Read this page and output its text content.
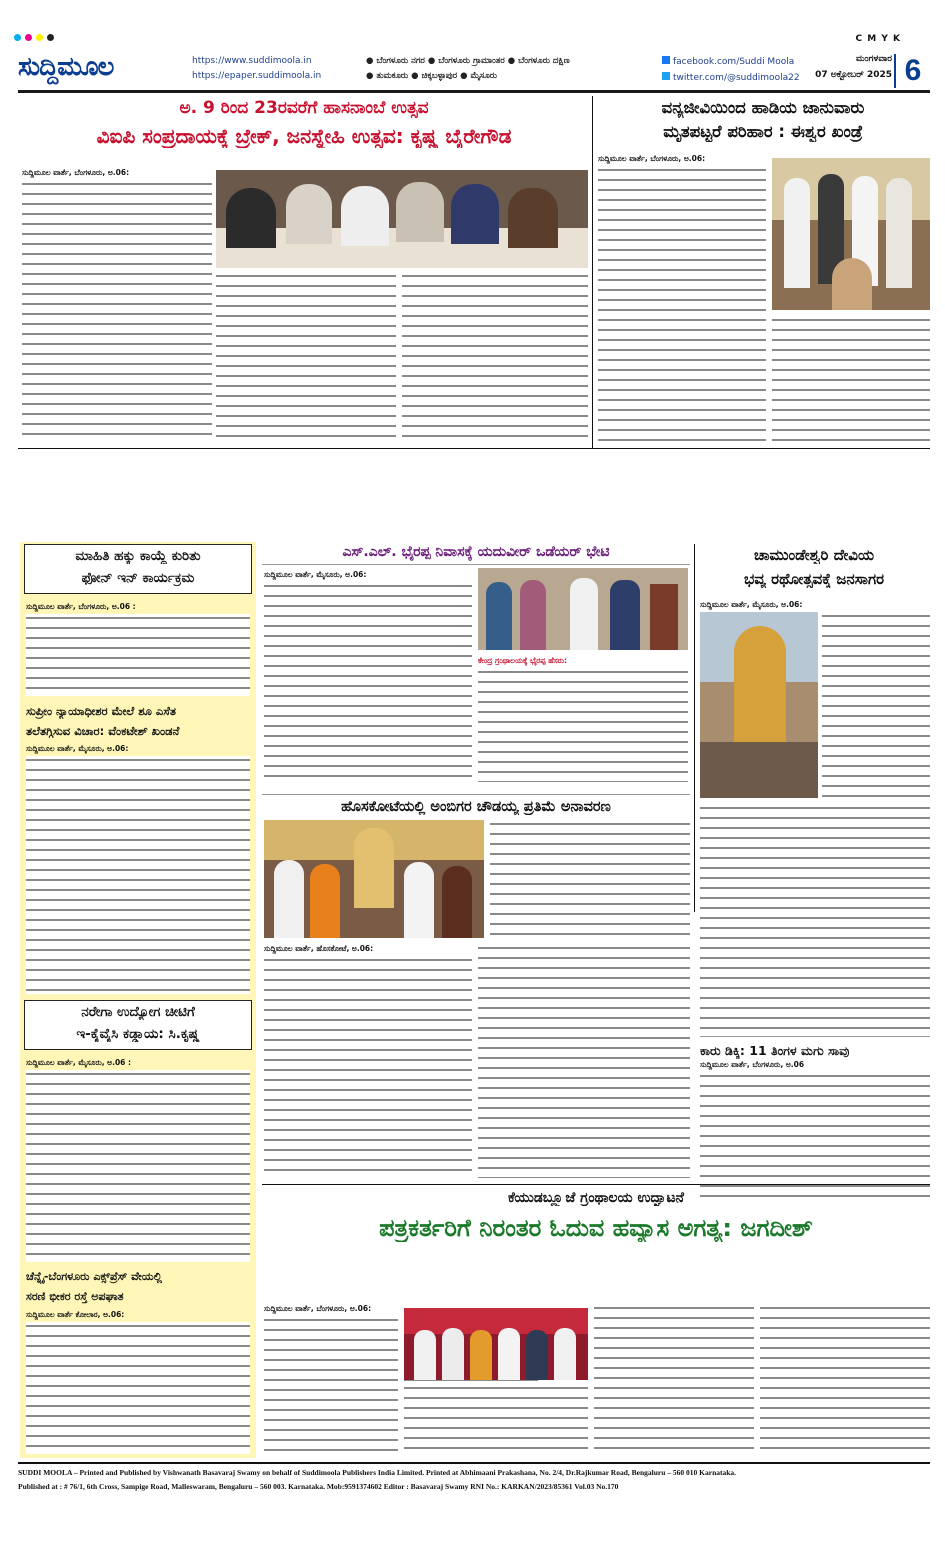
C M Y K
ಸುದ್ದಿಮೂಲ	https://www.suddimoola.in
https://epaper.suddimoola.in
● ಬೆಂಗಳೂರು ನಗರ ● ಬೆಂಗಳೂರು ಗ್ರಾಮಾಂತರ ● ಬೆಂಗಳೂರು ದಕ್ಷಿಣ
● ತುಮಕೂರು ● ಚಿಕ್ಕಬಳ್ಳಾಪುರ ● ಮೈಸೂರು
facebook.com/Suddi Moola
twitter.com/@suddimoola22
ಮಂಗಳವಾರ
07 ಅಕ್ಟೋಬರ್ 2025 6
ಅ. 9 ರಿಂದ 23ರವರೆಗೆ ಹಾಸನಾಂಬೆ ಉತ್ಸವ
ವಿಐಪಿ ಸಂಪ್ರದಾಯಕ್ಕೆ ಬ್ರೇಕ್, ಜನಸ್ನೇಹಿ ಉತ್ಸವ: ಕೃಷ್ಣ ಬೈರೇಗೌಡ
ಸುದ್ದಿಮೂಲ ವಾರ್ತೆ, ಬೆಂಗಳೂರು, ಅ.06:
ವನ್ಯಜೀವಿಯಿಂದ ಹಾಡಿಯ ಜಾನುವಾರು
ಮೃತಪಟ್ಟರೆ ಪರಿಹಾರ : ಈಶ್ವರ ಖಂಡ್ರೆ
ಸುದ್ದಿಮೂಲ ವಾರ್ತೆ, ಬೆಂಗಳೂರು, ಅ.06:
ಮಾಹಿತಿ ಹಕ್ಕು ಕಾಯ್ದೆ ಕುರಿತು
ಫೋನ್ ಇನ್ ಕಾರ್ಯಕ್ರಮ
ಸುದ್ದಿಮೂಲ ವಾರ್ತೆ, ಬೆಂಗಳೂರು, ಅ.06 :
ಸುಪ್ರೀಂ ನ್ಯಾಯಾಧೀಶರ ಮೇಲೆ ಶೂ ಎಸೆತ
ತಲೆತಗ್ಗಿಸುವ ವಿಚಾರ: ವೆಂಕಟೇಶ್ ಖಂಡನೆ
ಸುದ್ದಿಮೂಲ ವಾರ್ತೆ, ಮೈಸೂರು, ಅ.06:
ನರೇಗಾ ಉದ್ಯೋಗ ಚೀಟಿಗೆ
ಇ-ಕೈವೈಸಿ ಕಡ್ಡಾಯ: ಸಿ.ಕೃಷ್ಣ
ಸುದ್ದಿಮೂಲ ವಾರ್ತೆ, ಮೈಸೂರು, ಅ.06 :
ಚೆನ್ನೈ-ಬೆಂಗಳೂರು ಎಕ್ಸ್‌ಪ್ರೆಸ್ ವೇಯಲ್ಲಿ
ಸರಣಿ ಭೀಕರ ರಸ್ತೆ ಅಪಘಾತ
ಸುದ್ದಿಮೂಲ ವಾರ್ತೆ ಕೋಲಾರ, ಅ.06:
ಎಸ್.ಎಲ್. ಭೈರಪ್ಪ ನಿವಾಸಕ್ಕೆ ಯದುವೀರ್ ಒಡೆಯರ್ ಭೇಟಿ
ಸುದ್ದಿಮೂಲ ವಾರ್ತೆ, ಮೈಸೂರು, ಅ.06:
ಕೇಂದ್ರ ಗ್ರಂಥಾಲಯಕ್ಕೆ ಭೈರಪ್ಪ ಹೆಸರು:
ಚಾಮುಂಡೇಶ್ವರಿ ದೇವಿಯ
ಭವ್ಯ ರಥೋತ್ಸವಕ್ಕೆ ಜನಸಾಗರ
ಸುದ್ದಿಮೂಲ ವಾರ್ತೆ, ಮೈಸೂರು, ಅ.06:
ಕಾರು ಡಿಕ್ಕಿ: 11 ತಿಂಗಳ ಮಗು ಸಾವು
ಸುದ್ದಿಮೂಲ ವಾರ್ತೆ, ಬೆಂಗಳೂರು, ಅ.06
ಹೊಸಕೋಟೆಯಲ್ಲಿ ಅಂಬಿಗರ ಚೌಡಯ್ಯ ಪ್ರತಿಮೆ ಅನಾವರಣ
ಸುದ್ದಿಮೂಲ ವಾರ್ತೆ, ಹೊಸಕೋಟೆ, ಅ.06:
ಕೆಯುಡಬ್ಲ್ಯೂಜೆ ಗ್ರಂಥಾಲಯ ಉದ್ಘಾಟನೆ
ಪತ್ರಕರ್ತರಿಗೆ ನಿರಂತರ ಓದುವ ಹವ್ಯಾಸ ಅಗತ್ಯ: ಜಗದೀಶ್
ಸುದ್ದಿಮೂಲ ವಾರ್ತೆ, ಬೆಂಗಳೂರು, ಅ.06:
SUDDI MOOLA – Printed and Published by Vishwanath Basavaraj Swamy on behalf of Suddimoola Publishers India Limited. Printed at Abhimaani Prakashana, No. 2/4, Dr.Rajkumar Road, Bengaluru – 560 010 Karnataka.
Published at : # 76/1, 6th Cross, Sampige Road, Malleswaram, Bengaluru – 560 003. Karnataka. Mob:9591374602 Editor : Basavaraj Swamy RNI No.: KARKAN/2023/85361 Vol.03 No.170
